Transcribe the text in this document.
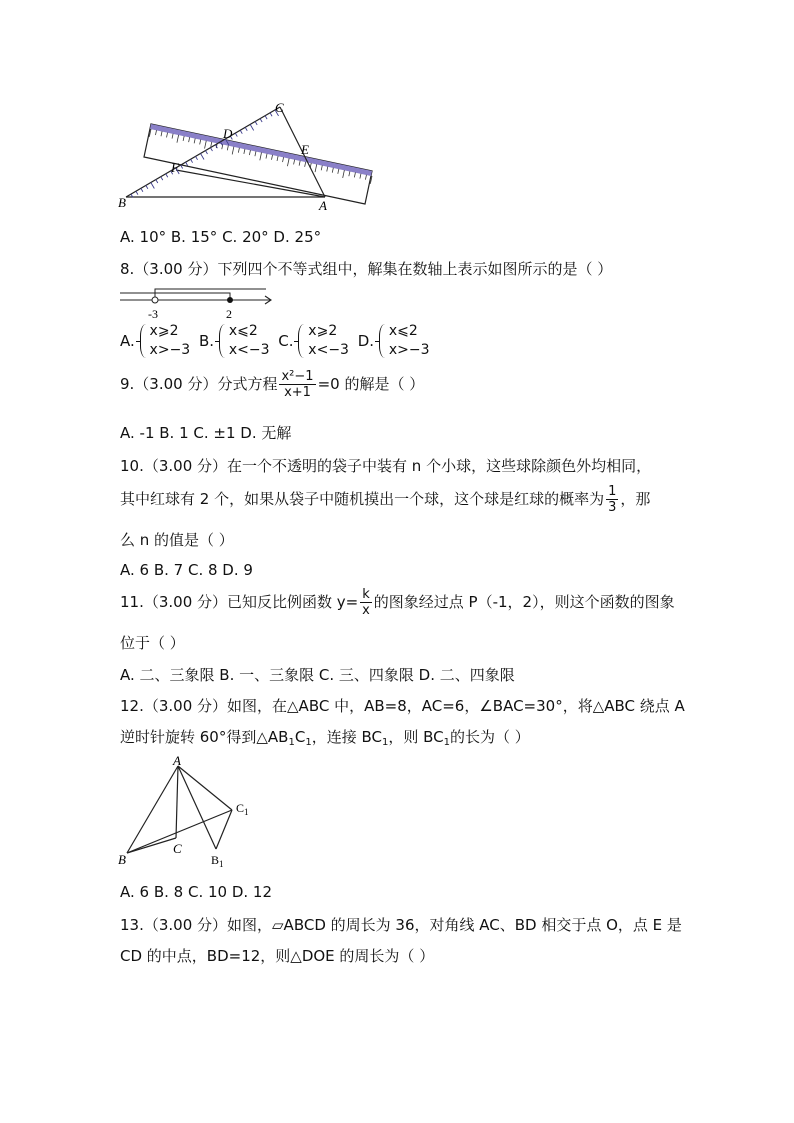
C
D
E
F
B	A
A. 10° B. 15° C. 20° D. 25°
8.（3.00 分）下列四个不等式组中，解集在数轴上表示如图所示的是（ ）
-3	2
A.
x⩾2
x>−3
B.
x⩽2
x<−3
C.
x⩾2
x<−3
D.
x⩽2
x>−3
9.（3.00 分）分式方程 $\frac{\text{x²−1}}{x+1} =0$ 的解是（ ）
A. -1 B. 1 C. ±1 D. 无解
10.（3.00 分）在一个不透明的袋子中装有 n 个小球，这些球除颜色外均相同，
其中红球有 2 个，如果从袋子中随机摸出一个球，这个球是红球的概率为 $\frac{1}{3}$ ，那
么 n 的值是（ ）
A. 6 B. 7 C. 8 D. 9
11.（3.00 分）已知反比例函数 $y= \frac{k}{x}$ 的图象经过点 P（-1，2），则这个函数的图象
位于（ ）
A. 二、三象限 B. 一、三象限 C. 三、四象限 D. 二、四象限
12.（3.00 分）如图，在△ABC 中，AB=8，AC=6，∠BAC=30°，将△ABC 绕点 A
逆时针旋转 60°得到$\triangle AB_1C_1$，连接 $BC_1$，则 $BC_1$的长为（ ）
A
B
C
$C_1$
$B_1$
A. 6 B. 8 C. 10 D. 12
13.（3.00 分）如图，▱ABCD 的周长为 36，对角线 AC、BD 相交于点 O，点 E 是
CD 的中点，BD=12，则△DOE 的周长为（ ）
